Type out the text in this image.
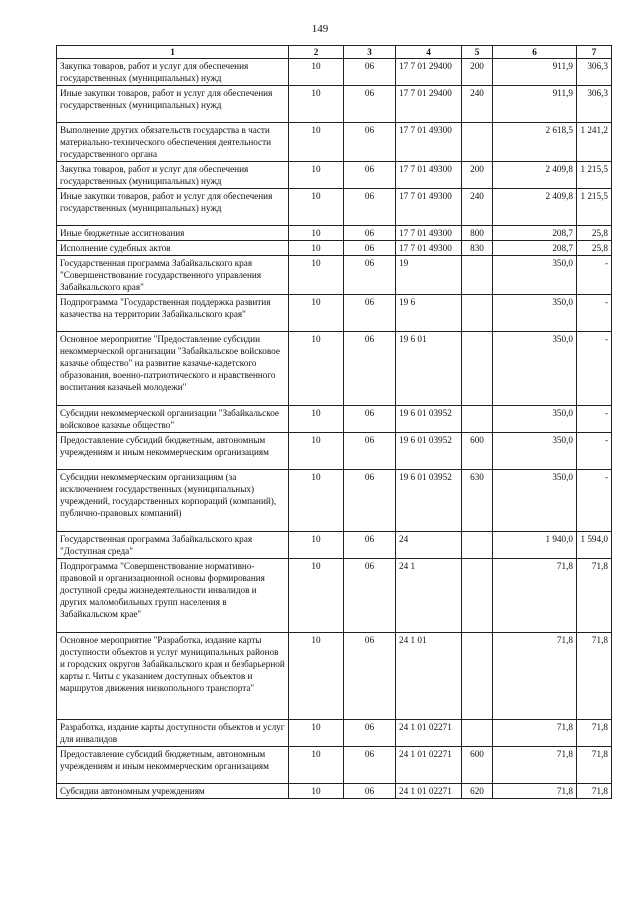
149
1	2	3	4	5	6	7
Закупка товаров, работ и услуг для обеспечения государственных (муниципальных) нужд	10	06	17 7 01 29400	200	911,9	306,3
Иные закупки товаров, работ и услуг для обеспечения государственных (муниципальных) нужд	10	06	17 7 01 29400	240	911,9	306,3
Выполнение других обязательств государства в части материально-технического обеспечения деятельности государственного органа	10	06	17 7 01 49300		2 618,5	1 241,2
Закупка товаров, работ и услуг для обеспечения государственных (муниципальных) нужд	10	06	17 7 01 49300	200	2 409,8	1 215,5
Иные закупки товаров, работ и услуг для обеспечения государственных (муниципальных) нужд	10	06	17 7 01 49300	240	2 409,8	1 215,5
Иные бюджетные ассигнования	10	06	17 7 01 49300	800	208,7	25,8
Исполнение судебных актов	10	06	17 7 01 49300	830	208,7	25,8
Государственная программа Забайкальского края "Совершенствование государственного управления Забайкальского края"	10	06	19		350,0	-
Подпрограмма "Государственная поддержка развития казачества на территории Забайкальского края"	10	06	19 6		350,0	-
Основное мероприятие "Предоставление субсидии некоммерческой организации "Забайкальское войсковое казачье общество" на развитие казачье-кадетского образования, военно-патриотического и нравственного воспитания казачьей молодежи"	10	06	19 6 01		350,0	-
Субсидии некоммерческой организации "Забайкальское войсковое казачье общество"	10	06	19 6 01 03952		350,0	-
Предоставление субсидий бюджетным, автономным учреждениям и иным некоммерческим организациям	10	06	19 6 01 03952	600	350,0	-
Субсидии некоммерческим организациям (за исключением государственных (муниципальных) учреждений, государственных корпораций (компаний), публично-правовых компаний)	10	06	19 6 01 03952	630	350,0	-
Государственная программа Забайкальского края "Доступная среда"	10	06	24		1 940,0	1 594,0
Подпрограмма "Совершенствование нормативно-правовой и организационной основы формирования доступной среды жизнедеятельности инвалидов и других маломобильных групп населения в Забайкальском крае"	10	06	24 1		71,8	71,8
Основное мероприятие "Разработка, издание карты доступности объектов и услуг муниципальных районов и городских округов Забайкальского края и безбарьерной карты г. Читы с указанием доступных объектов и маршрутов движения низкопольного транспорта"	10	06	24 1 01		71,8	71,8
Разработка, издание карты доступности объектов и услуг для инвалидов	10	06	24 1 01 02271		71,8	71,8
Предоставление субсидий бюджетным, автономным учреждениям и иным некоммерческим организациям	10	06	24 1 01 02271	600	71,8	71,8
Субсидии автономным учреждениям	10	06	24 1 01 02271	620	71,8	71,8
